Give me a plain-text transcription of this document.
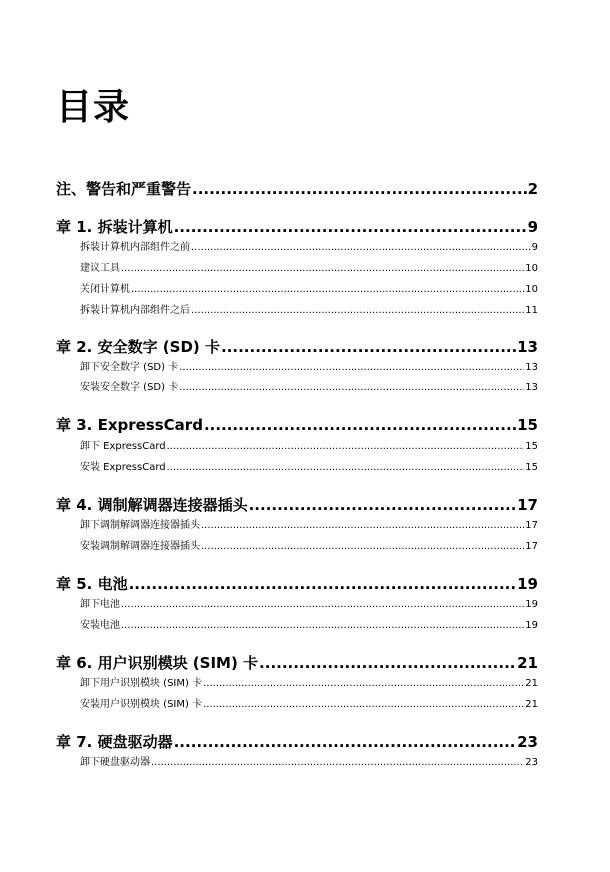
目录
注、警告和严重警告 .....	2
章 1. 拆装计算机 .....	9
拆装计算机内部组件之前 .....	9
建议工具 .....	10
关闭计算机 .....	10
拆装计算机内部组件之后 .....	11
章 2. 安全数字 (SD) 卡 .....	13
卸下安全数字 (SD) 卡 .....	13
安装安全数字 (SD) 卡 .....	13
章 3. ExpressCard .....	15
卸下 ExpressCard .....	15
安装 ExpressCard .....	15
章 4. 调制解调器连接器插头 .....	17
卸下调制解调器连接器插头 .....	17
安装调制解调器连接器插头 .....	17
章 5. 电池 .....	19
卸下电池 .....	19
安装电池 .....	19
章 6. 用户识别模块 (SIM) 卡 .....	21
卸下用户识别模块 (SIM) 卡 .....	21
安装用户识别模块 (SIM) 卡 .....	21
章 7. 硬盘驱动器 .....	23
卸下硬盘驱动器 .....	23
